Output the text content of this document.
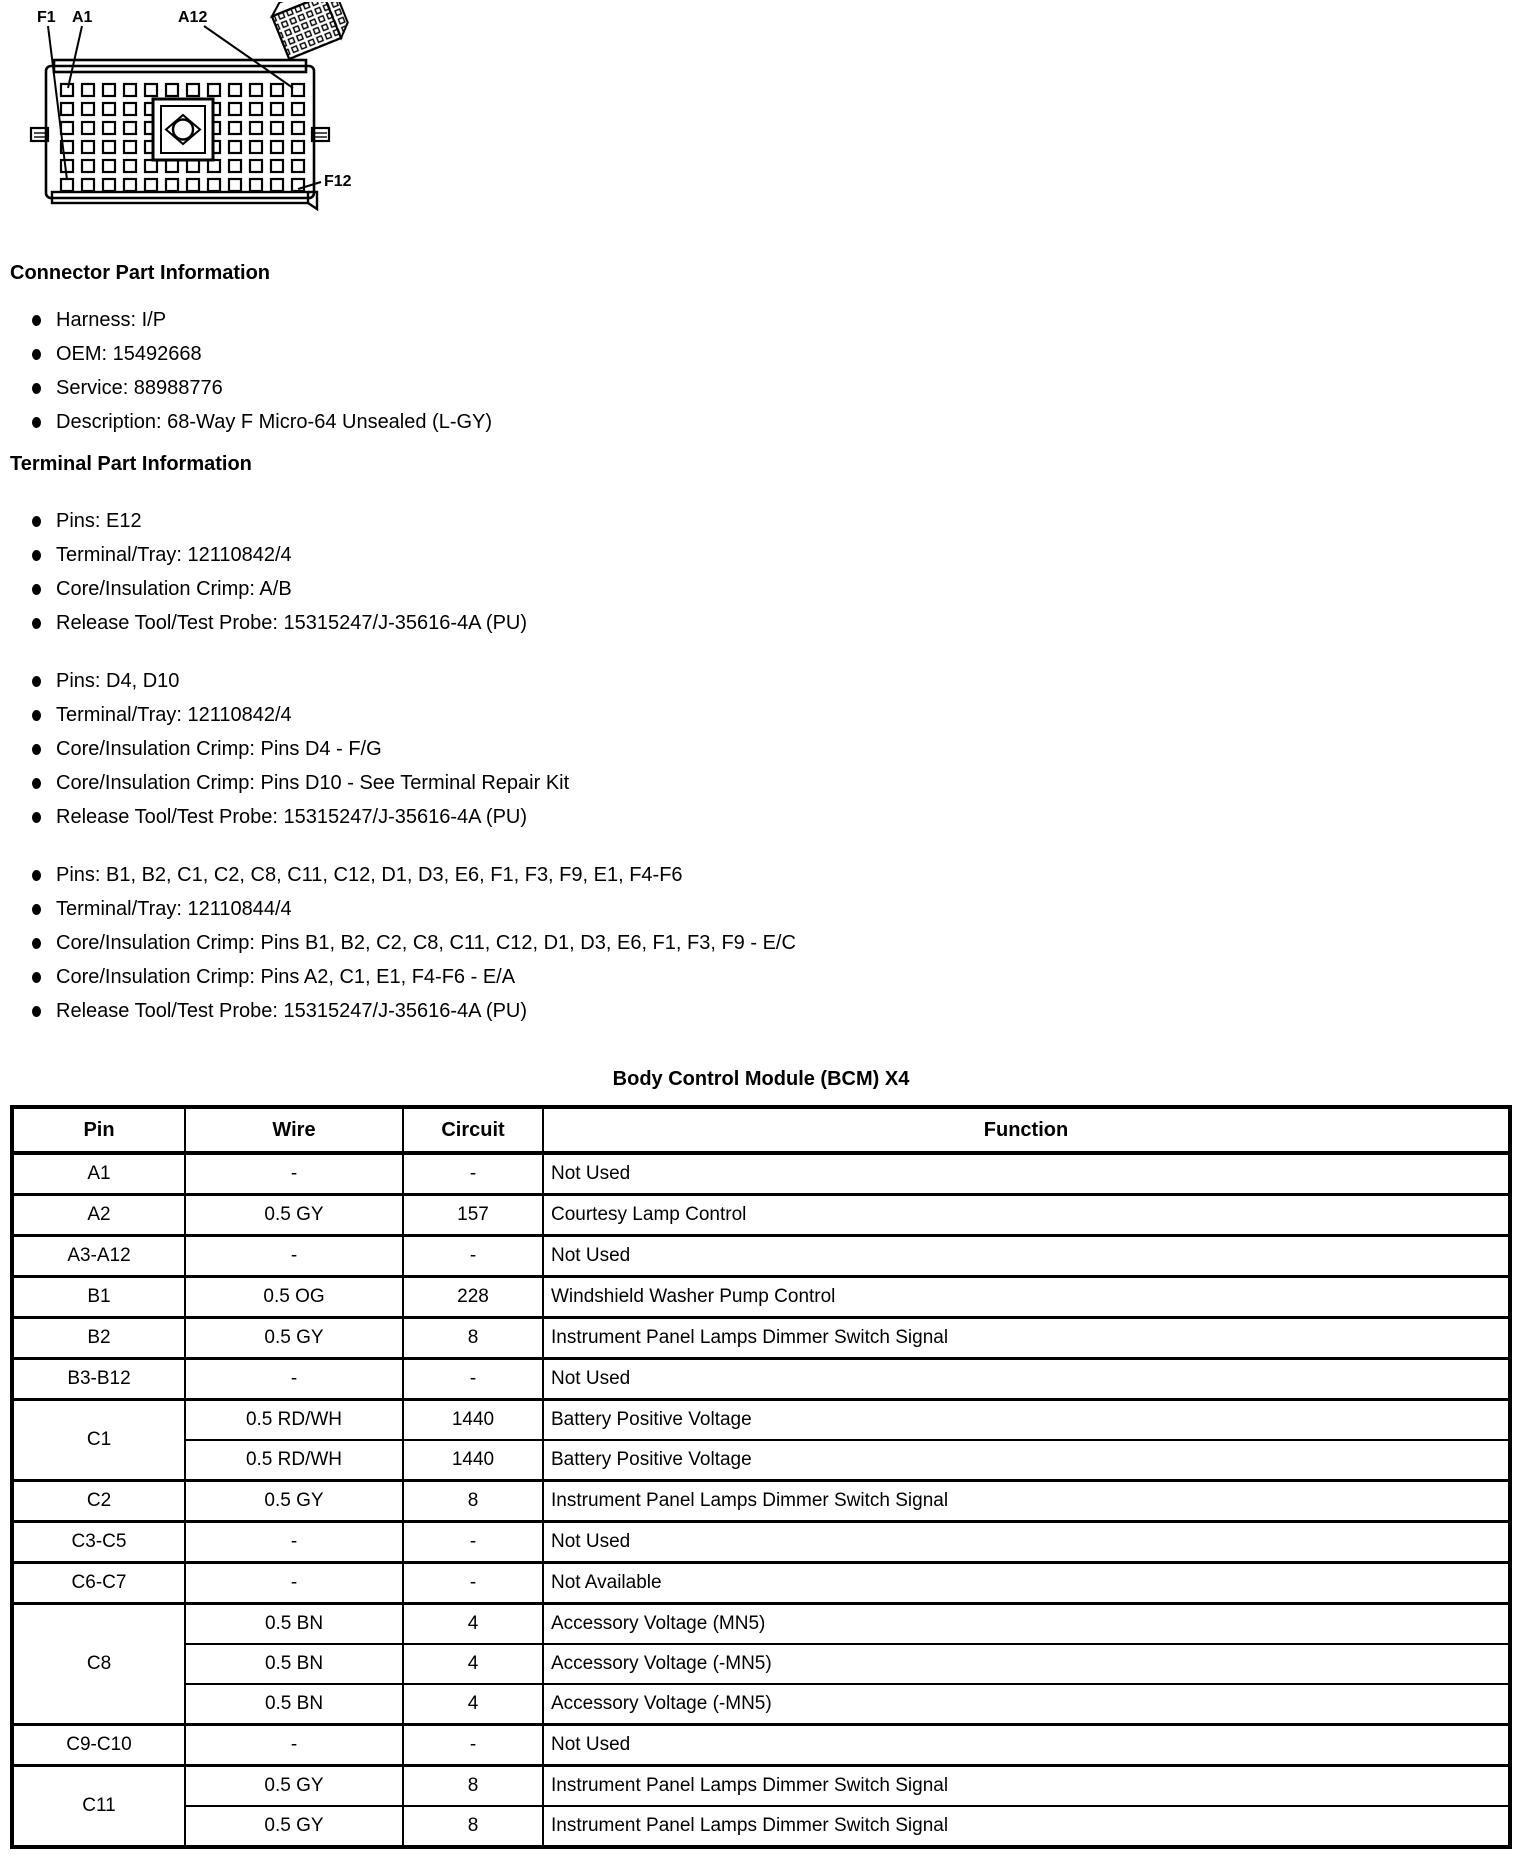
F1 A1	A12
F12
Connector Part Information
Harness: I/P
OEM: 15492668
Service: 88988776
Description: 68-Way F Micro-64 Unsealed (L-GY)
Terminal Part Information
Pins: E12
Terminal/Tray: 12110842/4
Core/Insulation Crimp: A/B
Release Tool/Test Probe: 15315247/J-35616-4A (PU)
Pins: D4, D10
Terminal/Tray: 12110842/4
Core/Insulation Crimp: Pins D4 - F/G
Core/Insulation Crimp: Pins D10 - See Terminal Repair Kit
Release Tool/Test Probe: 15315247/J-35616-4A (PU)
Pins: B1, B2, C1, C2, C8, C11, C12, D1, D3, E6, F1, F3, F9, E1, F4-F6
Terminal/Tray: 12110844/4
Core/Insulation Crimp: Pins B1, B2, C2, C8, C11, C12, D1, D3, E6, F1, F3, F9 - E/C
Core/Insulation Crimp: Pins A2, C1, E1, F4-F6 - E/A
Release Tool/Test Probe: 15315247/J-35616-4A (PU)
Body Control Module (BCM) X4
Pin	Wire	Circuit	Function
A1	-	-	Not Used
A2	0.5 GY	157	Courtesy Lamp Control
A3-A12	-	-	Not Used
B1	0.5 OG	228	Windshield Washer Pump Control
B2	0.5 GY	8	Instrument Panel Lamps Dimmer Switch Signal
B3-B12	-	-	Not Used
C1	0.5 RD/WH	1440	Battery Positive Voltage
	0.5 RD/WH	1440	Battery Positive Voltage
C2	0.5 GY	8	Instrument Panel Lamps Dimmer Switch Signal
C3-C5	-	-	Not Used
C6-C7	-	-	Not Available
C8	0.5 BN	4	Accessory Voltage (MN5)
	0.5 BN	4	Accessory Voltage (-MN5)
	0.5 BN	4	Accessory Voltage (-MN5)
C9-C10	-	-	Not Used
C11	0.5 GY	8	Instrument Panel Lamps Dimmer Switch Signal
	0.5 GY	8	Instrument Panel Lamps Dimmer Switch Signal
